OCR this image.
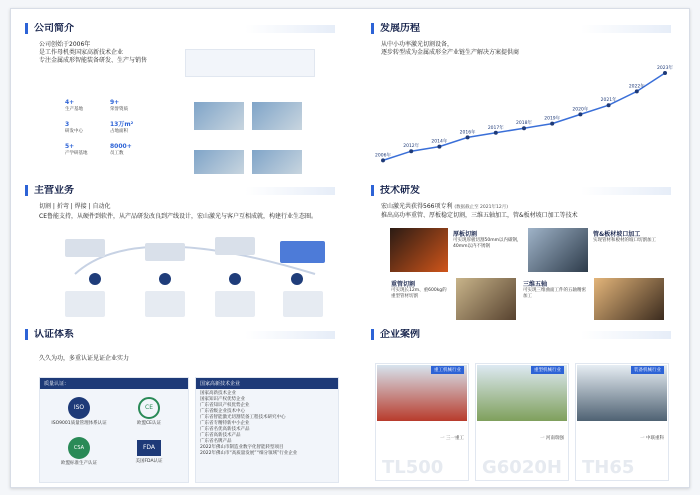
公司简介
公司创始于2006年
是工作母机类国家高新技术企业
专注金属成形智能装备研发、生产与销售
4+
生产基地
9+
荣誉资质
3
研发中心
13万m²
占地面积
5+
产学研基地
8000+
员工数
主营业务
切割 | 折弯 | 焊接 | 自动化
CE鲁能支持，从硬件到软件，从产品研发改良到产线设计，宏山激光与客户互相成就，构建行业生态圈。
认证体系
久久为功，多重认证见证企业实力
质量认证：
ISO
ISO9001质量管理体系认证
CE
欧盟CE认证
CSA
欧盟标准生产认证
FDA
美国FDA认证
国家高新技术企业
国家高新技术企业
国家知识产权优势企业
广东省知识产权优势企业
广东省级企业技术中心
广东省智能激光切割装备工程技术研究中心
广东省专精特新中小企业
广东省名优高新技术产品
广东省高新技术产品
广东省名牌产品
2022年佛山市制造业数字化智能转型项目
2022年佛山市“高质量发展”“细分领域”行业企业
发展历程
从中小功率激光切割设备，
逐步转型成为金属成形全产业链生产解决方案提供商
2006年
2012年
2014年
2016年
2017年
2018年
2019年
2020年
2021年
2022年
2023年
技术研发
宏山激光共获得566项专利 (数据截止至 2021年12月)
推出高功率重管、厚板稳定切割，三维五轴加工，管&板材坡口加工等技术
厚板切割
可实现厚板切割50mm以内碳钢，40mm以内不锈钢
管&板材坡口加工
实现管材和板材的坡口切割加工
重管切割
可实现长12m、重600kg的重型管材切割
三维五轴
可实现三维曲面工件的五轴精密加工
企业案例
重工机械行业
一 三一重工
TL500
重型机械行业
一 河南瑞强
G6020H
装备机械行业
一 中联重科
TH65
